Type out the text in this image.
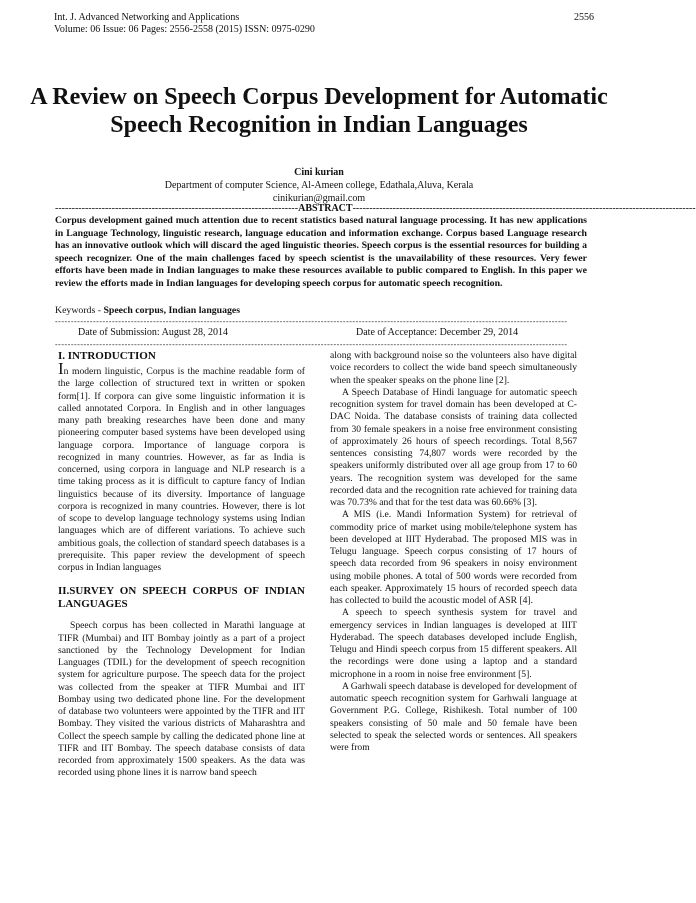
Int. J. Advanced Networking and Applications
Volume: 06 Issue: 06 Pages: 2556-2558 (2015) ISSN: 0975-0290
2556
A Review on Speech Corpus Development for Automatic Speech Recognition in Indian Languages
Cini kurian
Department of computer Science, Al-Ameen college, Edathala,Aluva, Kerala
cinikurian@gmail.com
-------------------------------------------------------------------------ABSTRACT-------------------------------------------------------------------------------------------------------
Corpus development gained much attention due to recent statistics based natural language processing. It has new applications in Language Technology, linguistic research, language education and information exchange. Corpus based Language research has an innovative outlook which will discard the aged linguistic theories. Speech corpus is the essential resources for building a speech recognizer. One of the main challenges faced by speech scientist is the unavailability of these resources. Very fewer efforts have been made in Indian languages to make these resources available to public compared to English. In this paper we review the efforts made in Indian languages for developing speech corpus for automatic speech recognition.
Keywords - Speech corpus, Indian languages
------------------------------------------------------------------------------------------------------------------------------------------------------------------
Date of Submission: August 28, 2014	Date of Acceptance: December 29, 2014
------------------------------------------------------------------------------------------------------------------------------------------------------------------

I. INTRODUCTION

In modern linguistic, Corpus is the machine readable form of the large collection of structured text in written or spoken form[1]. If corpora can give some linguistic information it is called annotated Corpora. In English and in other languages many path breaking researches have been done and many pioneering computer based systems have been developed using language corpora. Importance of language corpora is recognized in many countries. However, as far as India is concerned, using corpora in language and NLP research is a time taking process as it is difficult to capture fancy of Indian linguistics because of its diversity. Importance of language corpora is recognized in many countries. However, there is lot of scope to develop language technology systems using Indian languages which are of different variations. To achieve such ambitious goals, the collection of standard speech databases is a prerequisite. This paper review the development of speech corpus in Indian languages

II.SURVEY ON SPEECH CORPUS OF INDIAN LANGUAGES

Speech corpus has been collected in Marathi language at TIFR (Mumbai) and IIT Bombay jointly as a part of a project sanctioned by the Technology Development for Indian Languages (TDIL) for the development of speech recognition system for agriculture purpose. The speech data for the project was collected from the speaker at TIFR Mumbai and IIT Bombay using two dedicated phone line. For the development of database two volunteers were appointed by the TIFR and IIT Bombay. They visited the various districts of Maharashtra and Collect the speech sample by calling the dedicated phone line at TIFR and IIT Bombay. The speech database consists of data recorded from approximately 1500 speakers. As the data was recorded using phone lines it is narrow band speech

along with background noise so the volunteers also have digital voice recorders to collect the wide band speech simultaneously when the speaker speaks on the phone line [2].

A Speech Database of Hindi language for automatic speech recognition system for travel domain has been developed at C-DAC Noida. The database consists of training data collected from 30 female speakers in a noise free environment consisting of approximately 26 hours of speech recordings. Total 8,567 sentences consisting 74,807 words were recorded by the speakers uniformly distributed over all age group from 17 to 60 years. The recognition system was developed for the same recorded data and the recognition rate achieved for training data was 70.73% and that for the test data was 60.66% [3].

A MIS (i.e. Mandi Information System) for retrieval of commodity price of market using mobile/telephone system has been developed at IIIT Hyderabad. The proposed MIS was in Telugu language. Speech corpus consisting of 17 hours of speech data recorded from 96 speakers in noisy environment using mobile phones. A total of 500 words were recorded from each speaker. Approximately 15 hours of recorded speech data has collected to build the acoustic model of ASR [4].

A speech to speech synthesis system for travel and emergency services in Indian languages is developed at IIIT Hyderabad. The speech databases developed include English, Telugu and Hindi speech corpus from 15 different speakers. All the recordings were done using a laptop and a standard microphone in a room in noise free environment [5].

A Garhwali speech database is developed for development of automatic speech recognition system for Garhwali language at Government P.G. College, Rishikesh. Total number of 100 speakers consisting of 50 male and 50 female have been selected to speak the selected words or sentences. All speakers were from
